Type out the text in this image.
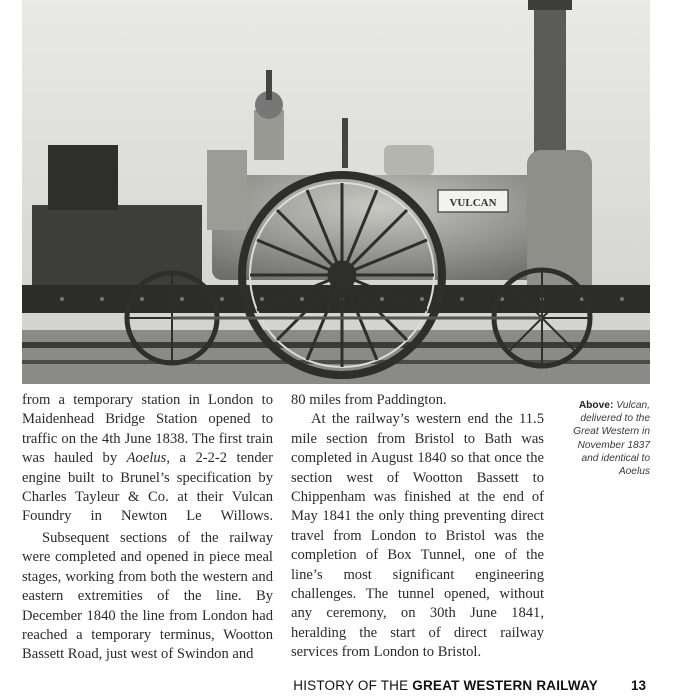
VULCAN

from a temporary station in London to Maidenhead Bridge Station opened to traffic on the 4th June 1838. The first train was hauled by Aoelus, a 2-2-2 tender engine built to Brunel’s specification by Charles Tayleur & Co. at their Vulcan Foundry in Newton Le Willows.

Subsequent sections of the railway were completed and opened in piece meal stages, working from both the western and eastern extremities of the line. By December 1840 the line from London had reached a temporary terminus, Wootton Bassett Road, just west of Swindon and

80 miles from Paddington.

At the railway’s western end the 11.5 mile section from Bristol to Bath was completed in August 1840 so that once the section west of Wootton Bassett to Chippenham was finished at the end of May 1841 the only thing preventing direct travel from London to Bristol was the completion of Box Tunnel, one of the line’s most significant engineering challenges. The tunnel opened, without any ceremony, on 30th June 1841, heralding the start of direct railway services from London to Bristol.

Above: Vulcan, delivered to the Great Western in November 1837 and identical to Aoelus
HISTORY OF THE GREAT WESTERN RAILWAY 13
